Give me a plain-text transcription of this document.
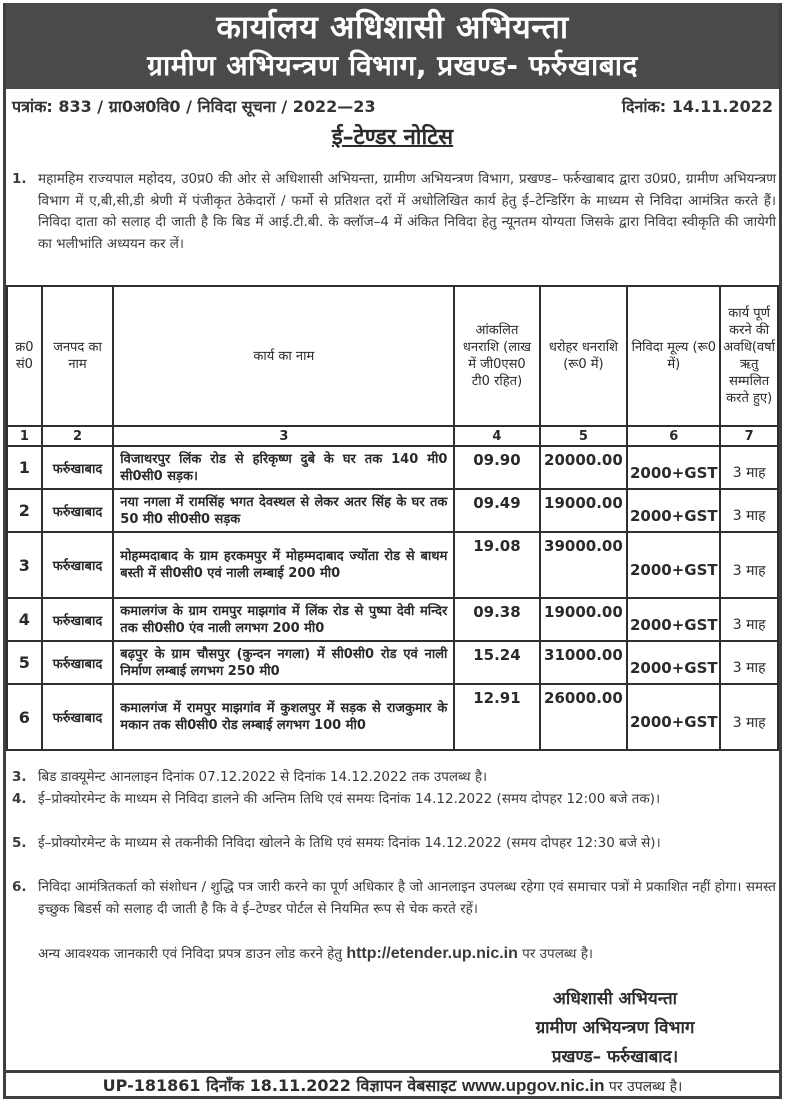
कार्यालय अधिशासी अभियन्ता
ग्रामीण अभियन्त्रण विभाग, प्रखण्ड- फर्रुखाबाद
पत्रांक: 833 / ग्रा0अ0वि0 / निविदा सूचना / 2022—23	दिनांक: 14.11.2022
ई–टेण्डर नोटिस
1. महामहिम राज्यपाल महोदय, उ0प्र0 की ओर से अधिशासी अभियन्ता, ग्रामीण अभियन्त्रण विभाग, प्रखण्ड– फर्रुखाबाद द्वारा उ0प्र0, ग्रामीण अभियन्त्रण विभाग में ए,बी,सी,डी श्रेणी में पंजीकृत ठेकेदारों / फर्मो से प्रतिशत दरों में अधोलिखित कार्य हेतु ई–टेन्डिरिंग के माध्यम से निविदा आमंत्रित करते हैं। निविदा दाता को सलाह दी जाती है कि बिड में आई.टी.बी. के क्लॉज–4 में अंकित निविदा हेतु न्यूनतम योग्यता जिसके द्वारा निविदा स्वीकृति की जायेगी का भलीभांति अध्ययन कर लें।
क्र0 सं0	जनपद का नाम	कार्य का नाम	आंकलित धनराशि (लाख में जी0एस0 टी0 रहित)	धरोहर धनराशि (रू0 में)	निविदा मूल्य (रू0 में)	कार्य पूर्ण करने की अवधि(वर्षा ऋतु सम्मलित करते हुए)
1	2	3	4	5	6	7
1	फर्रुखाबाद	विजाथरपुर लिंक रोड से हरिकृष्ण दुबे के घर तक 140 मी0 सी0सी0 सड़क।	09.90	20000.00	2000+GST	3 माह
2	फर्रुखाबाद	नया नगला में रामसिंह भगत देवस्थल से लेकर अतर सिंह के घर तक 50 मी0 सी0सी0 सड़क	09.49	19000.00	2000+GST	3 माह
3	फर्रुखाबाद	मोहम्मदाबाद के ग्राम हरकमपुर में मोहम्मदाबाद ज्योंता रोड से बाथम बस्ती में सी0सी0 एवं नाली लम्बाई 200 मी0	19.08	39000.00	2000+GST	3 माह
4	फर्रुखाबाद	कमालगंज के ग्राम रामपुर माझगांव में लिंक रोड से पुष्पा देवी मन्दिर तक सी0सी0 एंव नाली लगभग 200 मी0	09.38	19000.00	2000+GST	3 माह
5	फर्रुखाबाद	बढ़पुर के ग्राम चौसपुर (कुन्दन नगला) में सी0सी0 रोड एवं नाली निर्माण लम्बाई लगभग 250 मी0	15.24	31000.00	2000+GST	3 माह
6	फर्रुखाबाद	कमालगंज में रामपुर माझगांव में कुशलपुर में सड़क से राजकुमार के मकान तक सी0सी0 रोड लम्बाई लगभग 100 मी0	12.91	26000.00	2000+GST	3 माह
3. बिड डाक्यूमेन्ट आनलाइन दिनांक 07.12.2022 से दिनांक 14.12.2022 तक उपलब्ध है।
4. ई–प्रोक्योरमेन्ट के माध्यम से निविदा डालने की अन्तिम तिथि एवं समयः दिनांक 14.12.2022 (समय दोपहर 12:00 बजे तक)।
5. ई–प्रोक्योरमेन्ट के माध्यम से तकनीकी निविदा खोलने के तिथि एवं समयः दिनांक 14.12.2022 (समय दोपहर 12:30 बजे से)।
6. निविदा आमंत्रितकर्ता को संशोधन / शुद्धि पत्र जारी करने का पूर्ण अधिकार है जो आनलाइन उपलब्ध रहेगा एवं समाचार पत्रों मे प्रकाशित नहीं होगा। समस्त इच्छुक बिडर्स को सलाह दी जाती है कि वे ई–टेण्डर पोर्टल से नियमित रूप से चेक करते रहें।
अन्य आवश्यक जानकारी एवं निविदा प्रपत्र डाउन लोड करने हेतु http://etender.up.nic.in पर उपलब्ध है।
अधिशासी अभियन्ता
ग्रामीण अभियन्त्रण विभाग
प्रखण्ड– फर्रुखाबाद।
UP-181861 दिनाँक 18.11.2022 विज्ञापन वेबसाइट www.upgov.nic.in पर उपलब्ध है।
